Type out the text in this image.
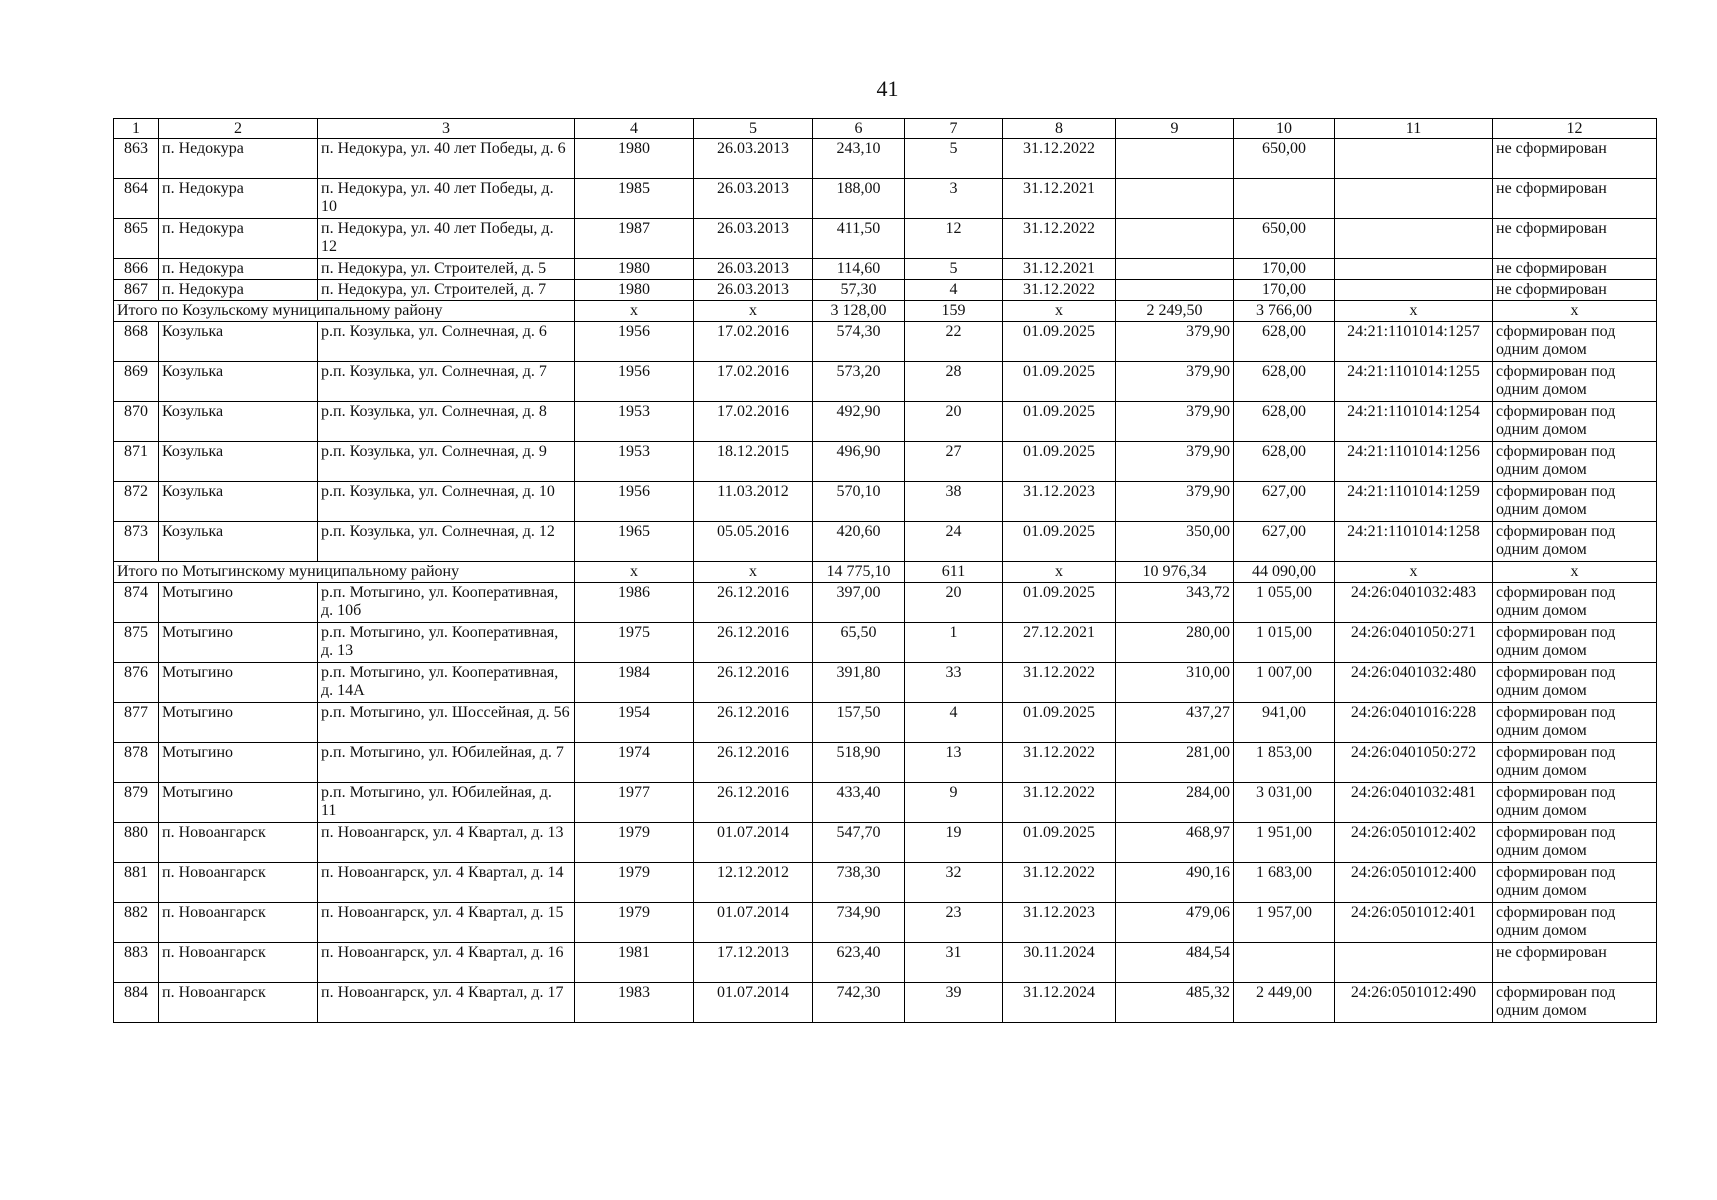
41
1	2	3	4	5	6	7	8	9	10	11	12
863	п. Недокура	п. Недокура, ул. 40 лет Победы, д. 6	1980	26.03.2013	243,10	5	31.12.2022		650,00		не сформирован
864	п. Недокура	п. Недокура, ул. 40 лет Победы, д. 10	1985	26.03.2013	188,00	3	31.12.2021				не сформирован
865	п. Недокура	п. Недокура, ул. 40 лет Победы, д. 12	1987	26.03.2013	411,50	12	31.12.2022		650,00		не сформирован
866	п. Недокура	п. Недокура, ул. Строителей, д. 5	1980	26.03.2013	114,60	5	31.12.2021		170,00		не сформирован
867	п. Недокура	п. Недокура, ул. Строителей, д. 7	1980	26.03.2013	57,30	4	31.12.2022		170,00		не сформирован
Итого по Козульскому муниципальному району			х	х	3 128,00	159	х	2 249,50	3 766,00	х	х
868	Козулька	р.п. Козулька, ул. Солнечная, д. 6	1956	17.02.2016	574,30	22	01.09.2025	379,90	628,00	24:21:1101014:1257	сформирован под одним домом
869	Козулька	р.п. Козулька, ул. Солнечная, д. 7	1956	17.02.2016	573,20	28	01.09.2025	379,90	628,00	24:21:1101014:1255	сформирован под одним домом
870	Козулька	р.п. Козулька, ул. Солнечная, д. 8	1953	17.02.2016	492,90	20	01.09.2025	379,90	628,00	24:21:1101014:1254	сформирован под одним домом
871	Козулька	р.п. Козулька, ул. Солнечная, д. 9	1953	18.12.2015	496,90	27	01.09.2025	379,90	628,00	24:21:1101014:1256	сформирован под одним домом
872	Козулька	р.п. Козулька, ул. Солнечная, д. 10	1956	11.03.2012	570,10	38	31.12.2023	379,90	627,00	24:21:1101014:1259	сформирован под одним домом
873	Козулька	р.п. Козулька, ул. Солнечная, д. 12	1965	05.05.2016	420,60	24	01.09.2025	350,00	627,00	24:21:1101014:1258	сформирован под одним домом
Итого по Мотыгинскому муниципальному району			х	х	14 775,10	611	х	10 976,34	44 090,00	х	х
874	Мотыгино	р.п. Мотыгино, ул. Кооперативная, д. 10б	1986	26.12.2016	397,00	20	01.09.2025	343,72	1 055,00	24:26:0401032:483	сформирован под одним домом
875	Мотыгино	р.п. Мотыгино, ул. Кооперативная, д. 13	1975	26.12.2016	65,50	1	27.12.2021	280,00	1 015,00	24:26:0401050:271	сформирован под одним домом
876	Мотыгино	р.п. Мотыгино, ул. Кооперативная, д. 14А	1984	26.12.2016	391,80	33	31.12.2022	310,00	1 007,00	24:26:0401032:480	сформирован под одним домом
877	Мотыгино	р.п. Мотыгино, ул. Шоссейная, д. 56	1954	26.12.2016	157,50	4	01.09.2025	437,27	941,00	24:26:0401016:228	сформирован под одним домом
878	Мотыгино	р.п. Мотыгино, ул. Юбилейная, д. 7	1974	26.12.2016	518,90	13	31.12.2022	281,00	1 853,00	24:26:0401050:272	сформирован под одним домом
879	Мотыгино	р.п. Мотыгино, ул. Юбилейная, д. 11	1977	26.12.2016	433,40	9	31.12.2022	284,00	3 031,00	24:26:0401032:481	сформирован под одним домом
880	п. Новоангарск	п. Новоангарск, ул. 4 Квартал, д. 13	1979	01.07.2014	547,70	19	01.09.2025	468,97	1 951,00	24:26:0501012:402	сформирован под одним домом
881	п. Новоангарск	п. Новоангарск, ул. 4 Квартал, д. 14	1979	12.12.2012	738,30	32	31.12.2022	490,16	1 683,00	24:26:0501012:400	сформирован под одним домом
882	п. Новоангарск	п. Новоангарск, ул. 4 Квартал, д. 15	1979	01.07.2014	734,90	23	31.12.2023	479,06	1 957,00	24:26:0501012:401	сформирован под одним домом
883	п. Новоангарск	п. Новоангарск, ул. 4 Квартал, д. 16	1981	17.12.2013	623,40	31	30.11.2024	484,54			не сформирован
884	п. Новоангарск	п. Новоангарск, ул. 4 Квартал, д. 17	1983	01.07.2014	742,30	39	31.12.2024	485,32	2 449,00	24:26:0501012:490	сформирован под одним домом
